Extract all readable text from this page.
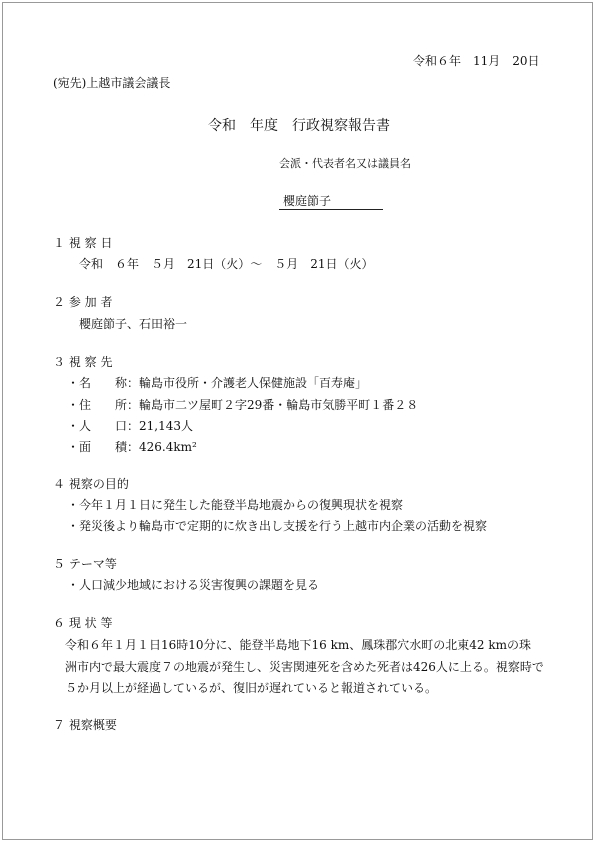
令和６年　11月　20日
(宛先)上越市議会議長
令和　年度　行政視察報告書
会派・代表者名又は議員名
櫻庭節子
１ 視 察 日
令和　６年　５月　21日（火）～　５月　21日（火）
２ 参 加 者
櫻庭節子、石田裕一
３ 視 察 先
・名　　称：輪島市役所・介護老人保健施設「百寿庵」
・住　　所：輪島市二ツ屋町２字29番・輪島市気勝平町１番２８
・人　　口：21,143人
・面　　積：426.4km²
４ 視察の目的
・今年１月１日に発生した能登半島地震からの復興現状を視察
・発災後より輪島市で定期的に炊き出し支援を行う上越市内企業の活動を視察
５ テーマ等
・人口減少地域における災害復興の課題を見る
６ 現 状 等
令和６年１月１日16時10分に、能登半島地下16 km、鳳珠郡穴水町の北東42 kmの珠
洲市内で最大震度７の地震が発生し、災害関連死を含めた死者は426人に上る。視察時で
５か月以上が経過しているが、復旧が遅れていると報道されている。
７ 視察概要
